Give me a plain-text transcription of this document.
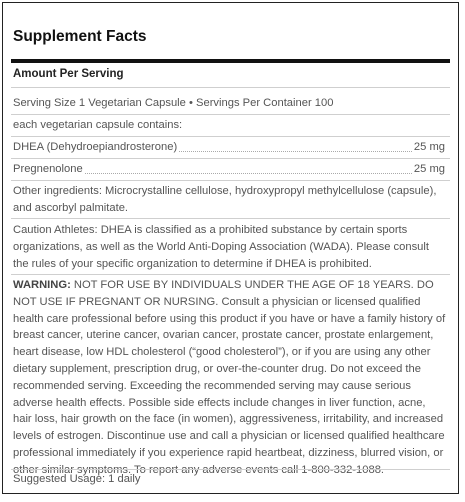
Supplement Facts
Amount Per Serving
Serving Size 1 Vegetarian Capsule • Servings Per Container 100
each vegetarian capsule contains:
DHEA (Dehydroepiandrosterone)	25 mg
Pregnenolone	25 mg
Other ingredients: Microcrystalline cellulose, hydroxypropyl methylcellulose (capsule), and ascorbyl palmitate.
Caution Athletes: DHEA is classified as a prohibited substance by certain sports organizations, as well as the World Anti-Doping Association (WADA). Please consult the rules of your specific organization to determine if DHEA is prohibited.
WARNING: NOT FOR USE BY INDIVIDUALS UNDER THE AGE OF 18 YEARS. DO NOT USE IF PREGNANT OR NURSING. Consult a physician or licensed qualified health care professional before using this product if you have or have a family history of breast cancer, uterine cancer, ovarian cancer, prostate cancer, prostate enlargement, heart disease, low HDL cholesterol (“good cholesterol”), or if you are using any other dietary supplement, prescription drug, or over-the-counter drug. Do not exceed the recommended serving. Exceeding the recommended serving may cause serious adverse health effects. Possible side effects include changes in liver function, acne, hair loss, hair growth on the face (in women), aggressiveness, irritability, and increased levels of estrogen. Discontinue use and call a physician or licensed qualified healthcare professional immediately if you experience rapid heartbeat, dizziness, blurred vision, or other similar symptoms. To report any adverse events call 1-800-332-1088.
Suggested Usage: 1 daily
